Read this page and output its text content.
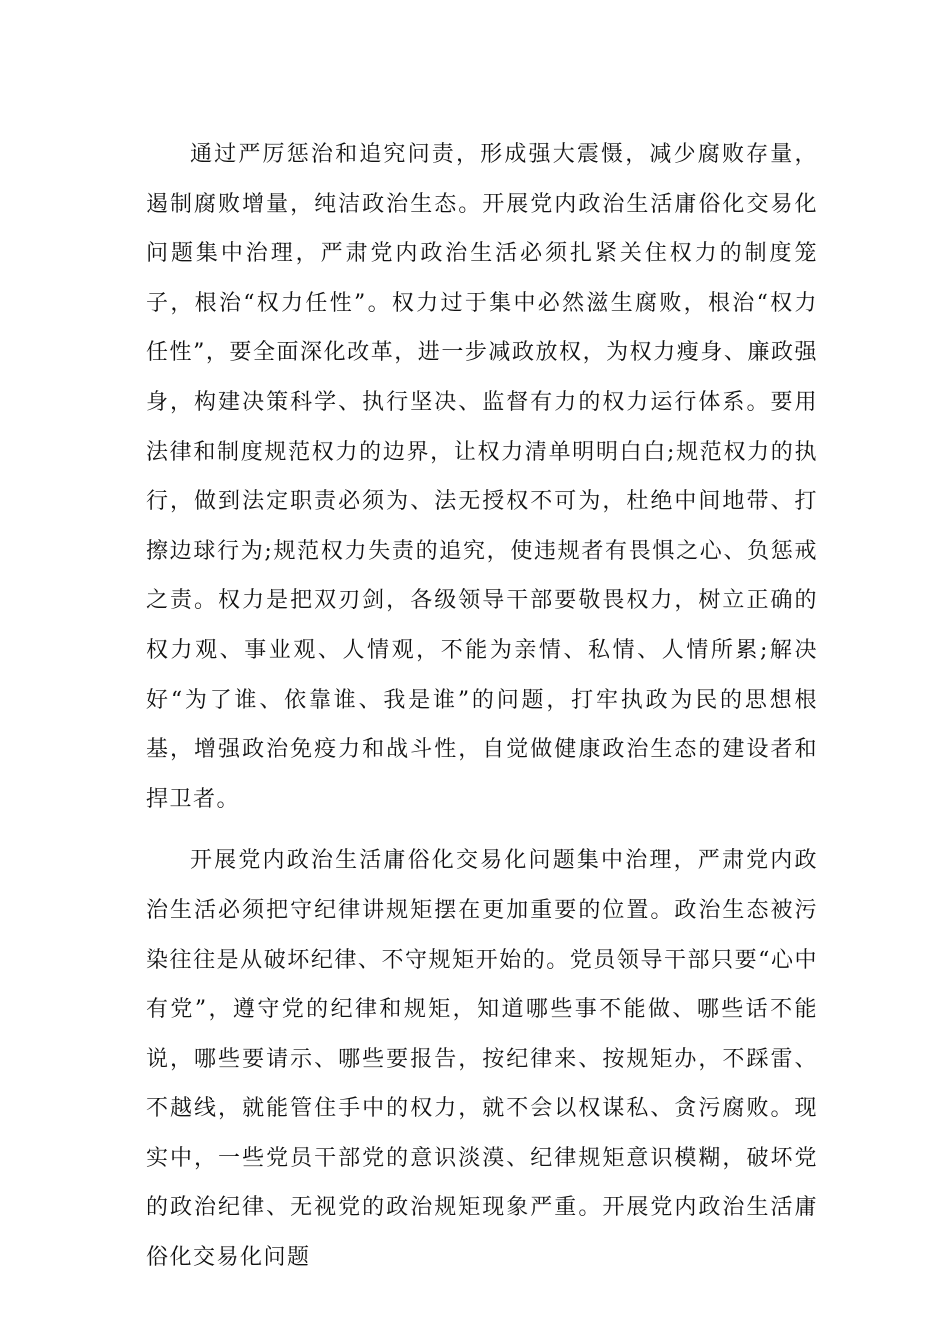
通过严厉惩治和追究问责，形成强大震慑，减少腐败存量，遏制腐败增量，纯洁政治生态。开展党内政治生活庸俗化交易化问题集中治理，严肃党内政治生活必须扎紧关住权力的制度笼子，根治“权力任性”。权力过于集中必然滋生腐败，根治“权力任性”，要全面深化改革，进一步减政放权，为权力瘦身、廉政强身，构建决策科学、执行坚决、监督有力的权力运行体系。要用法律和制度规范权力的边界，让权力清单明明白白;规范权力的执行，做到法定职责必须为、法无授权不可为，杜绝中间地带、打擦边球行为;规范权力失责的追究，使违规者有畏惧之心、负惩戒之责。权力是把双刃剑，各级领导干部要敬畏权力，树立正确的权力观、事业观、人情观，不能为亲情、私情、人情所累;解决好“为了谁、依靠谁、我是谁”的问题，打牢执政为民的思想根基，增强政治免疫力和战斗性，自觉做健康政治生态的建设者和捍卫者。

开展党内政治生活庸俗化交易化问题集中治理，严肃党内政治生活必须把守纪律讲规矩摆在更加重要的位置。政治生态被污染往往是从破坏纪律、不守规矩开始的。党员领导干部只要“心中有党”，遵守党的纪律和规矩，知道哪些事不能做、哪些话不能说，哪些要请示、哪些要报告，按纪律来、按规矩办，不踩雷、不越线，就能管住手中的权力，就不会以权谋私、贪污腐败。现实中，一些党员干部党的意识淡漠、纪律规矩意识模糊，破坏党的政治纪律、无视党的政治规矩现象严重。开展党内政治生活庸俗化交易化问题
